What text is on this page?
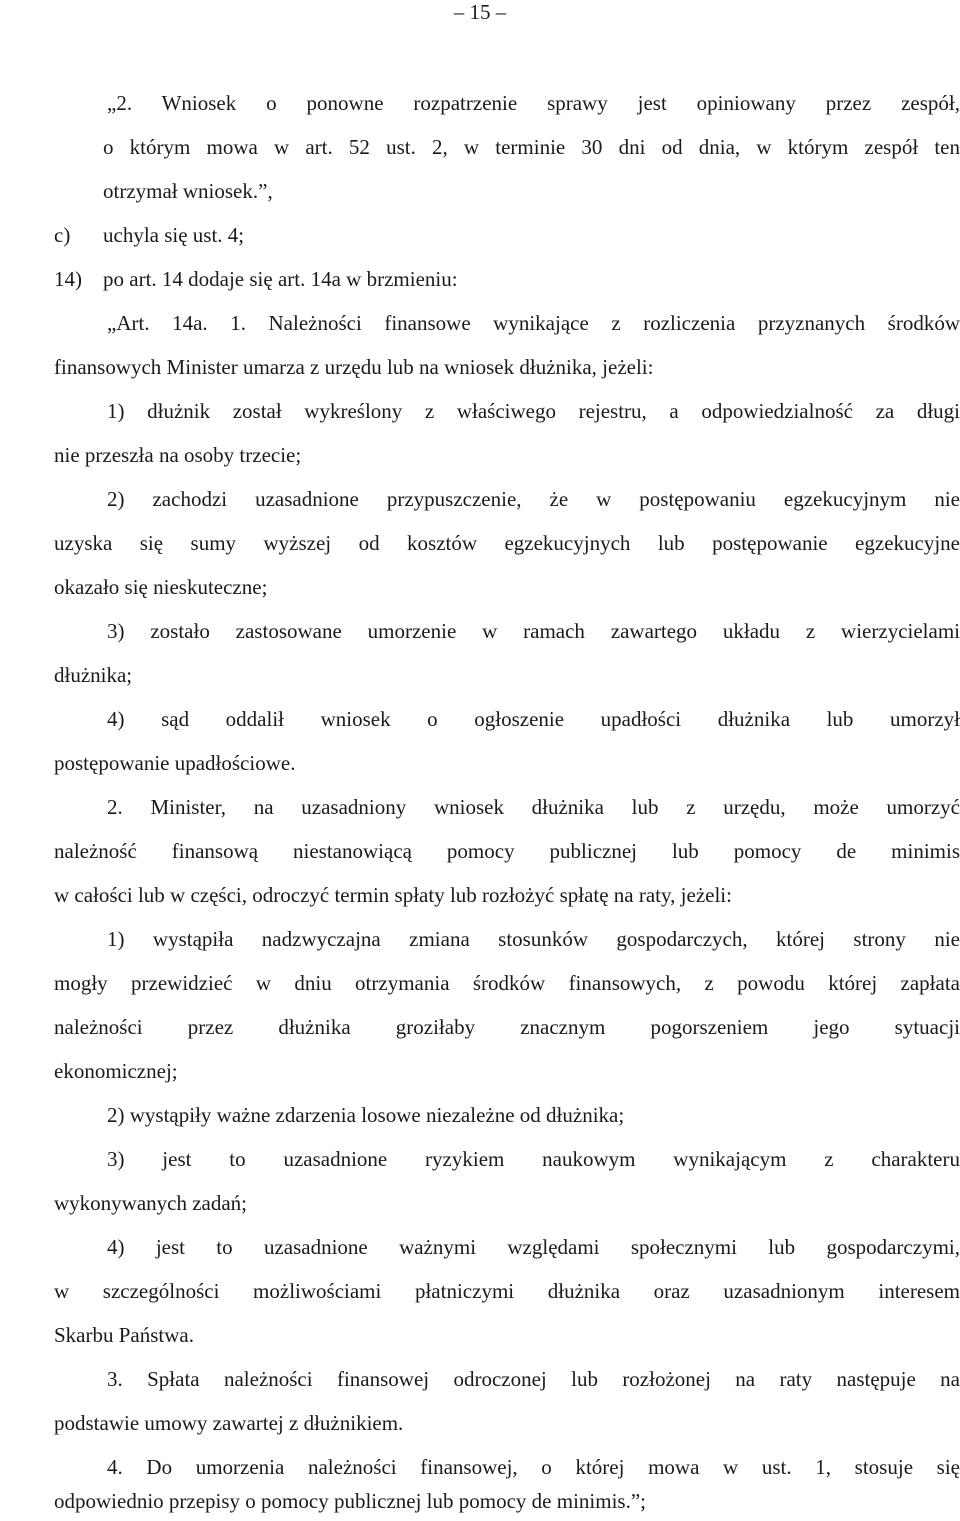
– 15 –
„2. Wniosek o ponowne rozpatrzenie sprawy jest opiniowany przez zespół,
o którym mowa w art. 52 ust. 2, w terminie 30 dni od dnia, w którym zespół ten
otrzymał wniosek.”,
c) uchyla się ust. 4;
14) po art. 14 dodaje się art. 14a w brzmieniu:
„Art. 14a. 1. Należności finansowe wynikające z rozliczenia przyznanych środków
finansowych Minister umarza z urzędu lub na wniosek dłużnika, jeżeli:
1) dłużnik został wykreślony z właściwego rejestru, a odpowiedzialność za długi
nie przeszła na osoby trzecie;
2) zachodzi uzasadnione przypuszczenie, że w postępowaniu egzekucyjnym nie
uzyska się sumy wyższej od kosztów egzekucyjnych lub postępowanie egzekucyjne
okazało się nieskuteczne;
3) zostało zastosowane umorzenie w ramach zawartego układu z wierzycielami
dłużnika;
4) sąd oddalił wniosek o ogłoszenie upadłości dłużnika lub umorzył
postępowanie upadłościowe.
2. Minister, na uzasadniony wniosek dłużnika lub z urzędu, może umorzyć
należność finansową niestanowiącą pomocy publicznej lub pomocy de minimis
w całości lub w części, odroczyć termin spłaty lub rozłożyć spłatę na raty, jeżeli:
1) wystąpiła nadzwyczajna zmiana stosunków gospodarczych, której strony nie
mogły przewidzieć w dniu otrzymania środków finansowych, z powodu której zapłata
należności przez dłużnika groziłaby znacznym pogorszeniem jego sytuacji
ekonomicznej;
2) wystąpiły ważne zdarzenia losowe niezależne od dłużnika;
3) jest to uzasadnione ryzykiem naukowym wynikającym z charakteru
wykonywanych zadań;
4) jest to uzasadnione ważnymi względami społecznymi lub gospodarczymi,
w szczególności możliwościami płatniczymi dłużnika oraz uzasadnionym interesem
Skarbu Państwa.
3. Spłata należności finansowej odroczonej lub rozłożonej na raty następuje na
podstawie umowy zawartej z dłużnikiem.
4. Do umorzenia należności finansowej, o której mowa w ust. 1, stosuje się
odpowiednio przepisy o pomocy publicznej lub pomocy de minimis.”;
